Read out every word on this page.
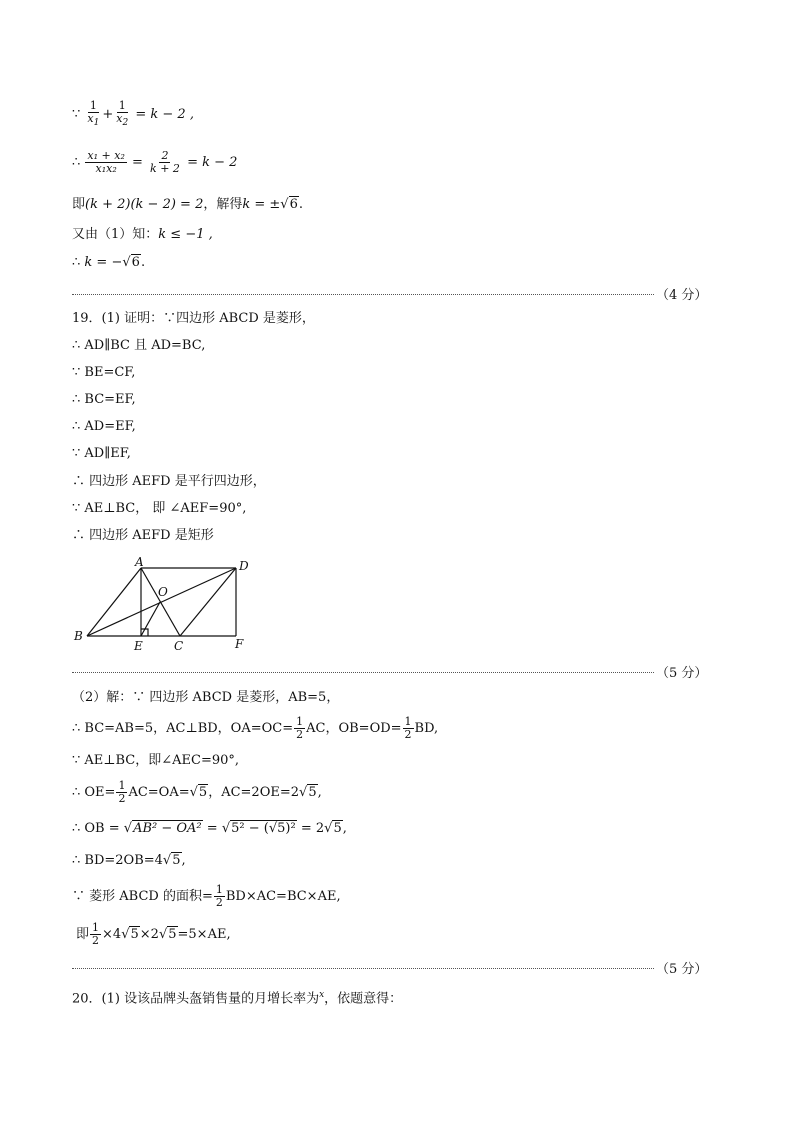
∵ $\frac{1}{x_1} + \frac{1}{x_2} = k - 2$ ,
∴ $\frac{\text{x₁ + x₂}}{\text{x₁x₂}} = \frac{2}{k + 2} = k - 2$
即(k + 2)(k − 2) = 2，解得k = ±√6.
又由（1）知：k ≤ −1 ,
∴ k = −√6.
（4 分）
19．(1) 证明：∵四边形 ABCD 是菱形，
∴ AD∥BC 且 AD=BC,
∵ BE=CF,
∴ BC=EF,
∴ AD=EF,
∵ AD∥EF,
∴ 四边形 AEFD 是平行四边形，
∵ AE⊥BC， 即 ∠AEF=90°,
∴ 四边形 AEFD 是矩形
A	D
O
B
E	C	F
（5 分）
（2）解：∵ 四边形 ABCD 是菱形，AB=5，
∴ BC=AB=5，AC⊥BD，$OA=OC= \frac{1}{2}$ AC，$OB=OD= \frac{1}{2}$ BD,
∵ AE⊥BC，即∠AEC=90°,
∴ $OE= \frac{1}{2} AC=OA=√5$，AC=2OE=2√5,
∴ OB = √AB² − OA² = √5² − (√5)² = 2√5,
∴ BD=2OB=4√5,
∵ 菱形 ABCD 的面积= $\frac{1}{2} BD\times AC=BC\times AE$,
即 $\frac{1}{2} \times 4√5\times 2√5=5\times AE$,
（5 分）
20．(1) 设该品牌头盔销售量的月增长率为$^x$，依题意得：
